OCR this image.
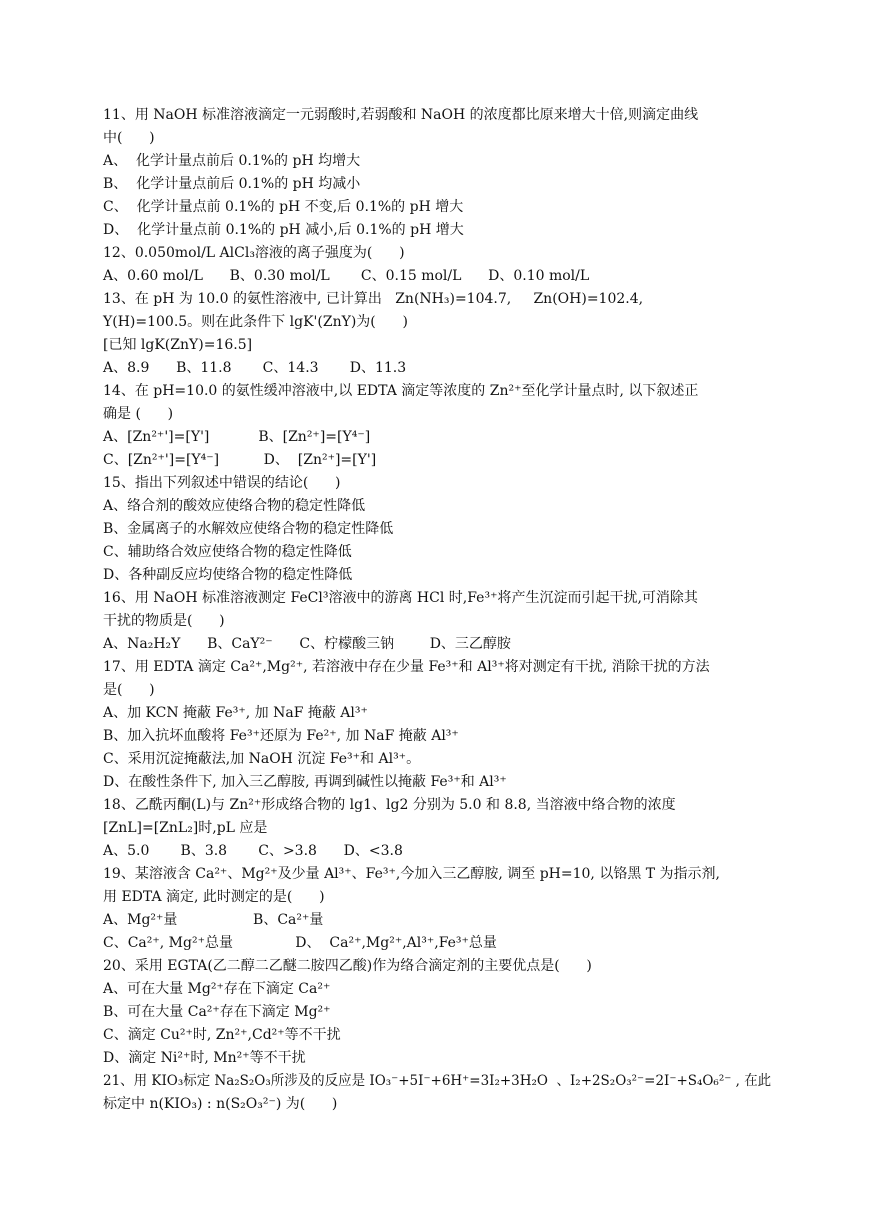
11、用 NaOH 标准溶液滴定一元弱酸时,若弱酸和 NaOH 的浓度都比原来增大十倍,则滴定曲线
中(      )
A、  化学计量点前后 0.1%的 pH 均增大
B、  化学计量点前后 0.1%的 pH 均减小
C、  化学计量点前 0.1%的 pH 不变,后 0.1%的 pH 增大
D、  化学计量点前 0.1%的 pH 减小,后 0.1%的 pH 增大
12、0.050mol/L AlCl₃溶液的离子强度为(      )
A、0.60 mol/L      B、0.30 mol/L       C、0.15 mol/L      D、0.10 mol/L
13、在 pH 为 10.0 的氨性溶液中, 已计算出   Zn(NH₃)=104.7,     Zn(OH)=102.4,
Y(H)=100.5。则在此条件下 lgK'(ZnY)为(      )
[已知 lgK(ZnY)=16.5]
A、8.9      B、11.8       C、14.3       D、11.3
14、在 pH=10.0 的氨性缓冲溶液中,以 EDTA 滴定等浓度的 Zn²⁺至化学计量点时, 以下叙述正
确是 (      )
A、[Zn²⁺']=[Y']           B、[Zn²⁺]=[Y⁴⁻]
C、[Zn²⁺']=[Y⁴⁻]          D、  [Zn²⁺]=[Y']
15、指出下列叙述中错误的结论(      )
A、络合剂的酸效应使络合物的稳定性降低
B、金属离子的水解效应使络合物的稳定性降低
C、辅助络合效应使络合物的稳定性降低
D、各种副反应均使络合物的稳定性降低
16、用 NaOH 标准溶液测定 FeCl³溶液中的游离 HCl 时,Fe³⁺将产生沉淀而引起干扰,可消除其
干扰的物质是(      )
A、Na₂H₂Y      B、CaY²⁻      C、柠檬酸三钠        D、三乙醇胺
17、用 EDTA 滴定 Ca²⁺,Mg²⁺, 若溶液中存在少量 Fe³⁺和 Al³⁺将对测定有干扰, 消除干扰的方法
是(      )
A、加 KCN 掩蔽 Fe³⁺, 加 NaF 掩蔽 Al³⁺
B、加入抗坏血酸将 Fe³⁺还原为 Fe²⁺, 加 NaF 掩蔽 Al³⁺
C、采用沉淀掩蔽法,加 NaOH 沉淀 Fe³⁺和 Al³⁺。
D、在酸性条件下, 加入三乙醇胺, 再调到碱性以掩蔽 Fe³⁺和 Al³⁺
18、乙酰丙酮(L)与 Zn²⁺形成络合物的 lg1、lg2 分别为 5.0 和 8.8, 当溶液中络合物的浓度
[ZnL]=[ZnL₂]时,pL 应是
A、5.0       B、3.8       C、>3.8      D、<3.8
19、某溶液含 Ca²⁺、Mg²⁺及少量 Al³⁺、Fe³⁺,今加入三乙醇胺, 调至 pH=10, 以铬黑 T 为指示剂,
用 EDTA 滴定, 此时测定的是(      )
A、Mg²⁺量                 B、Ca²⁺量
C、Ca²⁺, Mg²⁺总量              D、  Ca²⁺,Mg²⁺,Al³⁺,Fe³⁺总量
20、采用 EGTA(乙二醇二乙醚二胺四乙酸)作为络合滴定剂的主要优点是(      )
A、可在大量 Mg²⁺存在下滴定 Ca²⁺
B、可在大量 Ca²⁺存在下滴定 Mg²⁺
C、滴定 Cu²⁺时, Zn²⁺,Cd²⁺等不干扰
D、滴定 Ni²⁺时, Mn²⁺等不干扰
21、用 KIO₃标定 Na₂S₂O₃所涉及的反应是 IO₃⁻+5I⁻+6H⁺=3I₂+3H₂O  、I₂+2S₂O₃²⁻=2I⁻+S₄O₆²⁻ , 在此
标定中 n(KIO₃) : n(S₂O₃²⁻) 为(      )
